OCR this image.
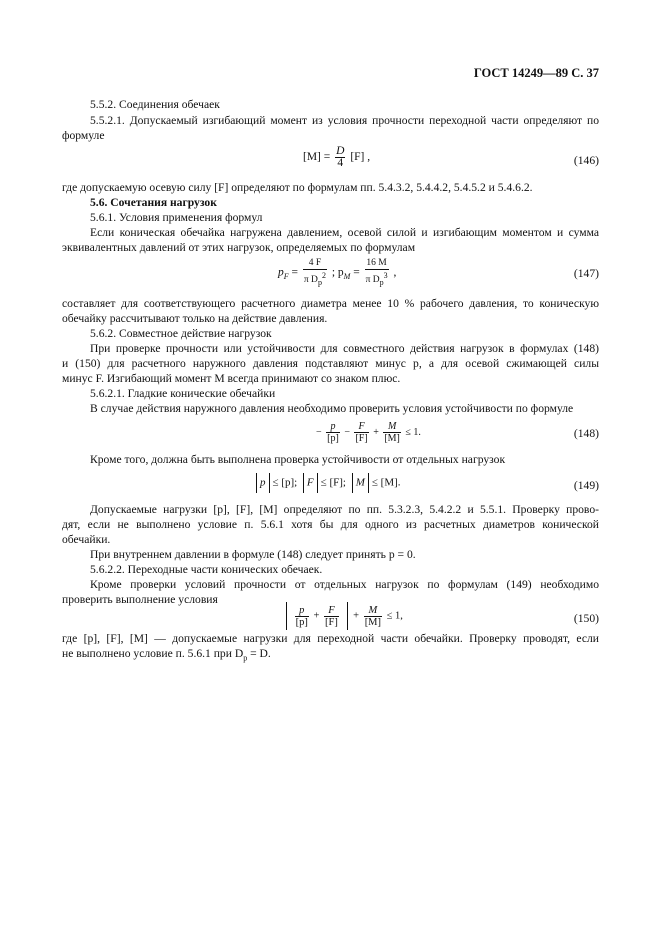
ГОСТ 14249—89 С. 37
5.5.2. Соединения обечаек
5.5.2.1. Допускаемый изгибающий момент из условия прочности переходной части определяют по
формуле
$[M] = \frac{D}{4} [F]$ ,	(146)
где допускаемую осевую силу [F] определяют по формулам пп. 5.4.3.2, 5.4.4.2, 5.4.5.2 и 5.4.6.2.
5.6. Сочетания нагрузок
5.6.1. Условия применения формул
Если коническая обечайка нагружена давлением, осевой силой и изгибающим моментом и сумма
эквивалентных давлений от этих нагрузок, определяемых по формулам
$p_F = \frac{4 F}{\pi D_p^2}$ ; $p_M = \frac{16 M}{\pi D_p^3}$ ,	(147)
составляет для соответствующего расчетного диаметра менее 10 % рабочего давления, то коническую
обечайку рассчитывают только на действие давления.
5.6.2. Совместное действие нагрузок
При проверке прочности или устойчивости для совместного действия нагрузок в формулах (148)
и (150) для расчетного наружного давления подставляют минус p, а для осевой сжимающей силы
минус F. Изгибающий момент M всегда принимают со знаком плюс.
5.6.2.1. Гладкие конические обечайки
В случае действия наружного давления необходимо проверить условия устойчивости по формуле
− $\frac{p}{[p]} - \frac{F}{[F]} + \frac{M}{[M]} \le 1$.	(148)
Кроме того, должна быть выполнена проверка устойчивости от отдельных нагрузок
p ≤ [p]; F ≤ [F]; M ≤ [M].	(149)
Допускаемые нагрузки [p], [F], [M] определяют по пп. 5.3.2.3, 5.4.2.2 и 5.5.1. Проверку прово-
дят, если не выполнено условие п. 5.6.1 хотя бы для одного из расчетных диаметров конической
обечайки.
При внутреннем давлении в формуле (148) следует принять p = 0.
5.6.2.2. Переходные части конических обечаек.
Кроме проверки условий прочности от отдельных нагрузок по формулам (149) необходимо
проверить выполнение условия

$\frac{p}{[p]} + \frac{F}{[F]} + \frac{M}{[M]} \le 1$,	(150)
где [p], [F], [M] — допускаемые нагрузки для переходной части обечайки. Проверку проводят, если
не выполнено условие п. 5.6.1 при $D_p = D$.
